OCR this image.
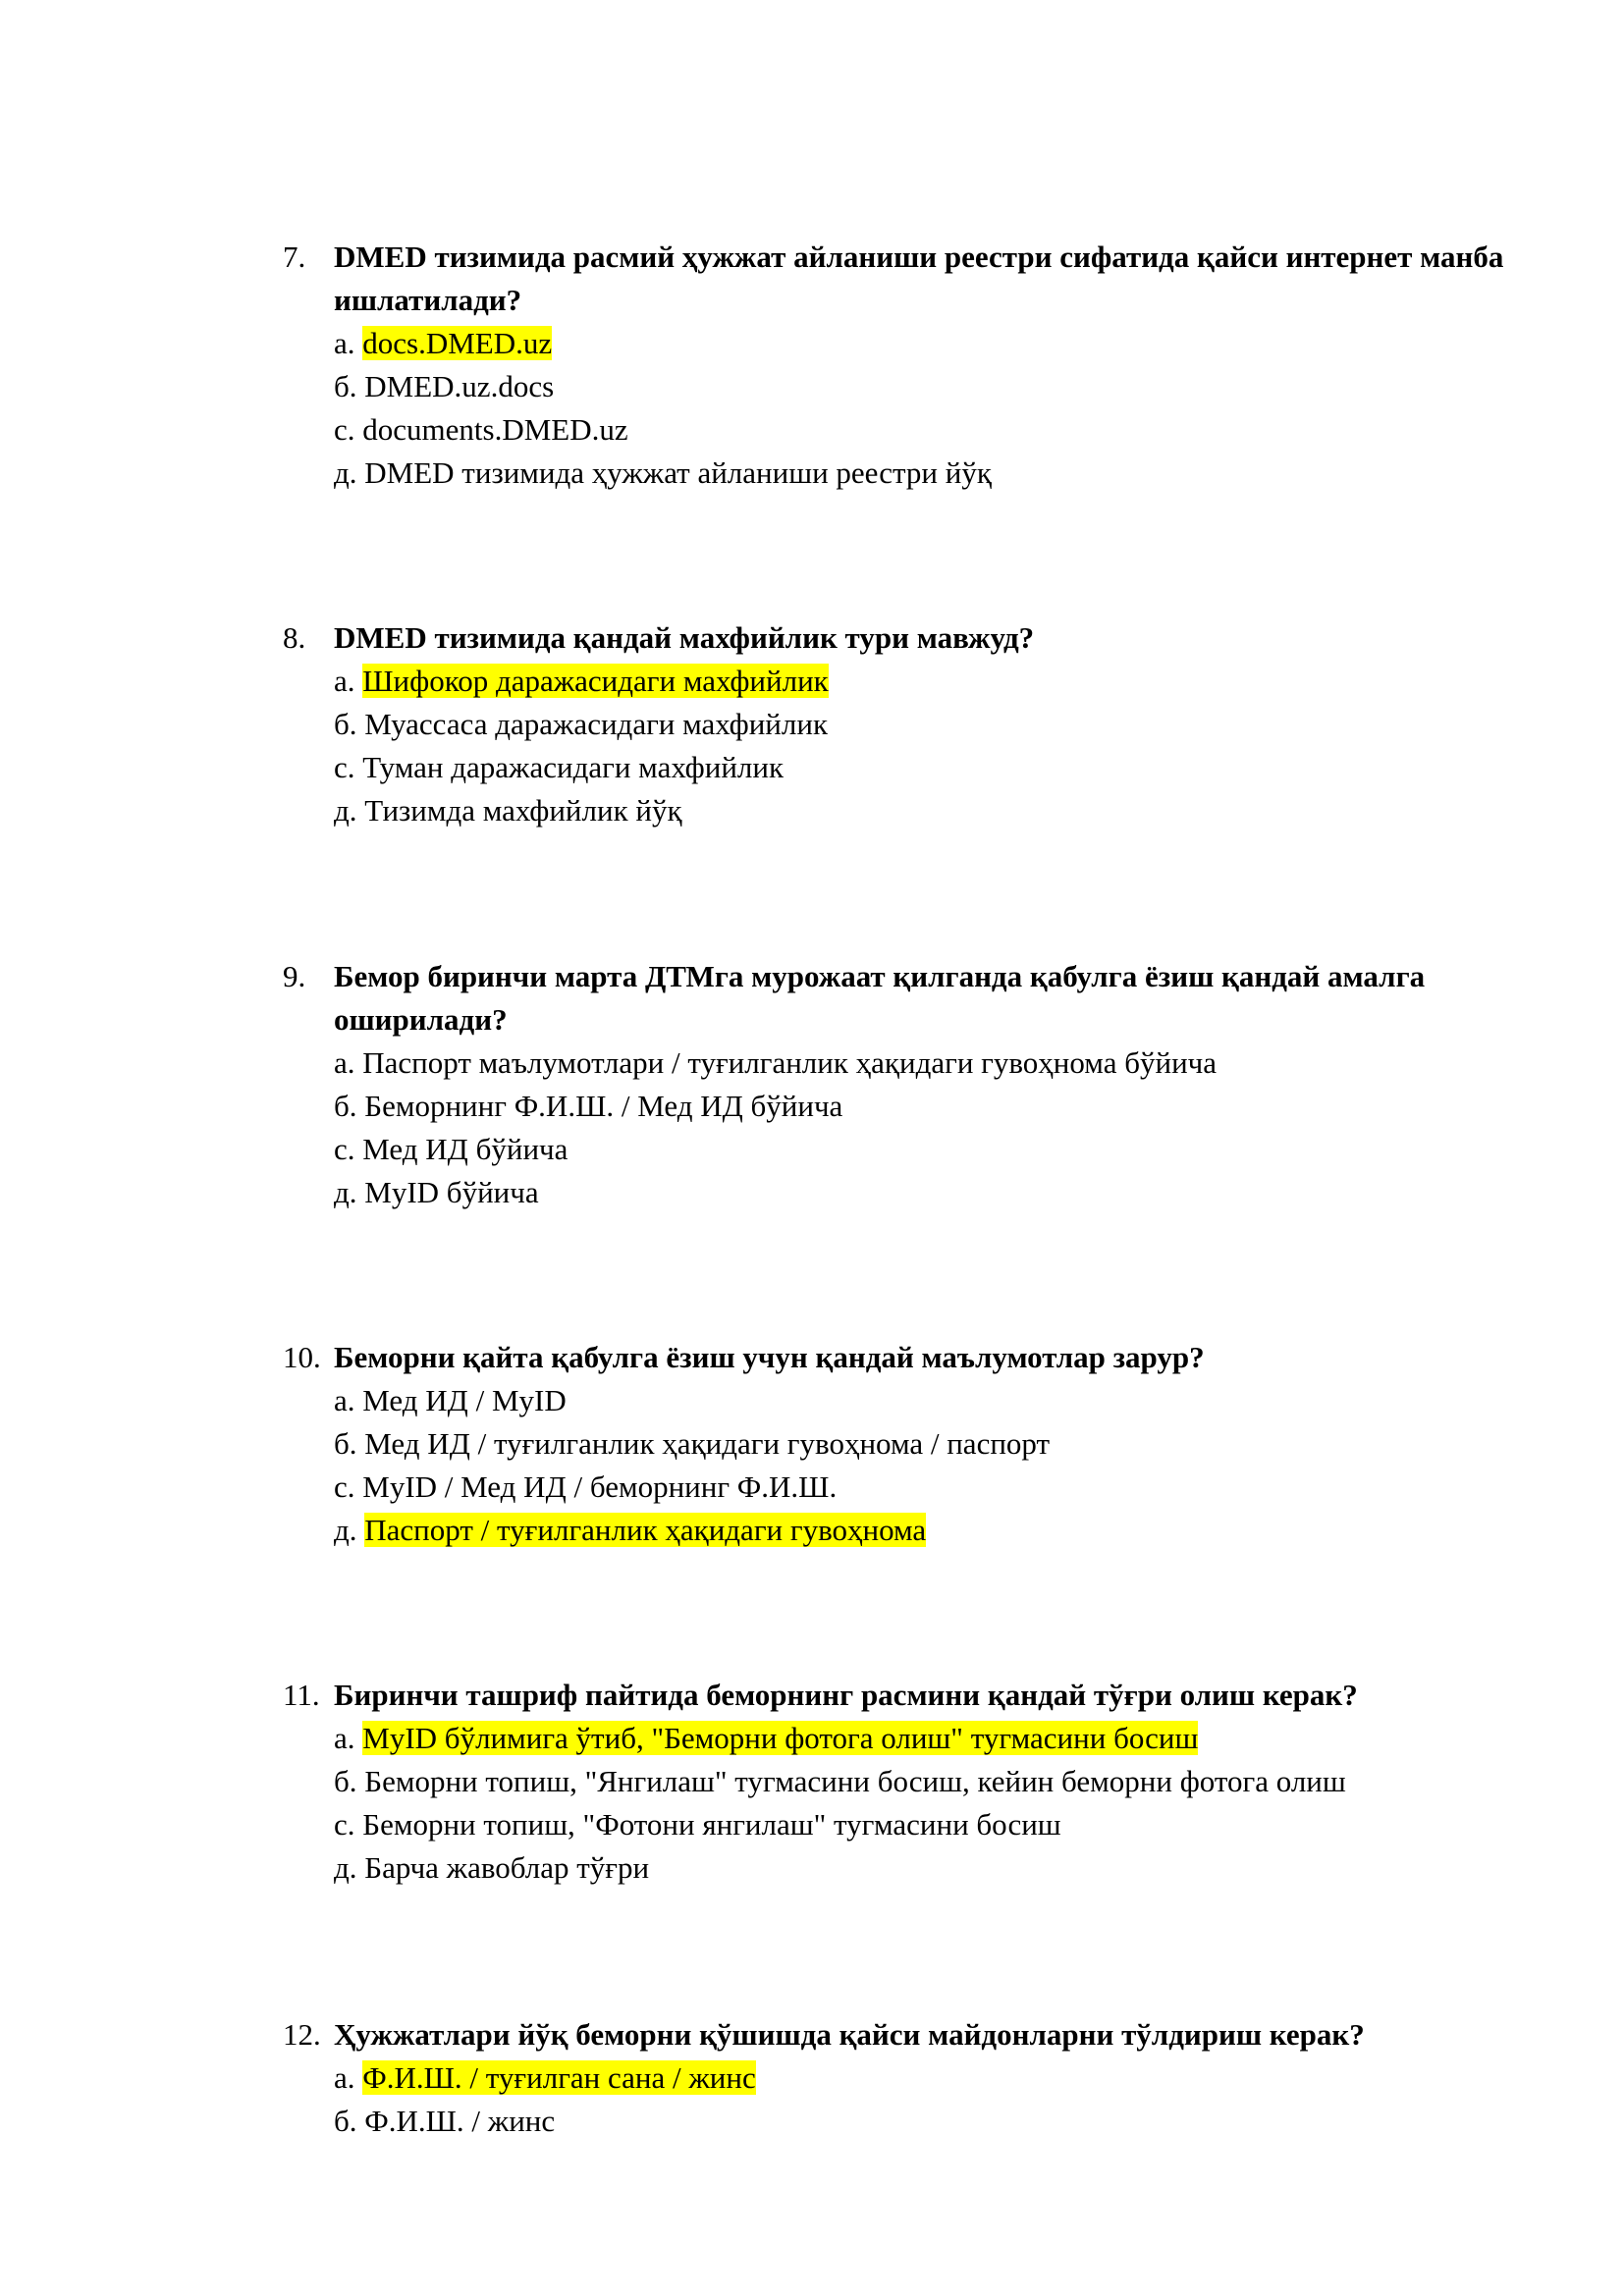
7. DMED тизимида расмий ҳужжат айланиши реестри сифатида қайси интернет манба ишлатилади?
а. docs.DMED.uz
б. DMED.uz.docs
с. documents.DMED.uz
д. DMED тизимида ҳужжат айланиши реестри йўқ
8. DMED тизимида қандай махфийлик тури мавжуд?
а. Шифокор даражасидаги махфийлик
б. Муассаса даражасидаги махфийлик
с. Туман даражасидаги махфийлик
д. Тизимда махфийлик йўқ
9. Бемор биринчи марта ДТМга мурожаат қилганда қабулга ёзиш қандай амалга оширилади?
а. Паспорт маълумотлари / туғилганлик ҳақидаги гувоҳнома бўйича
б. Беморнинг Ф.И.Ш. / Мед ИД бўйича
с. Мед ИД бўйича
д. MyID бўйича
10. Беморни қайта қабулга ёзиш учун қандай маълумотлар зарур?
а. Мед ИД / MyID
б. Мед ИД / туғилганлик ҳақидаги гувоҳнома / паспорт
с. MyID / Мед ИД / беморнинг Ф.И.Ш.
д. Паспорт / туғилганлик ҳақидаги гувоҳнома
11. Биринчи ташриф пайтида беморнинг расмини қандай тўғри олиш керак?
а. MyID бўлимига ўтиб, "Беморни фотога олиш" тугмасини босиш
б. Беморни топиш, "Янгилаш" тугмасини босиш, кейин беморни фотога олиш
с. Беморни топиш, "Фотони янгилаш" тугмасини босиш
д. Барча жавоблар тўғри
12. Ҳужжатлари йўқ беморни қўшишда қайси майдонларни тўлдириш керак?
а. Ф.И.Ш. / туғилган сана / жинс
б. Ф.И.Ш. / жинс
